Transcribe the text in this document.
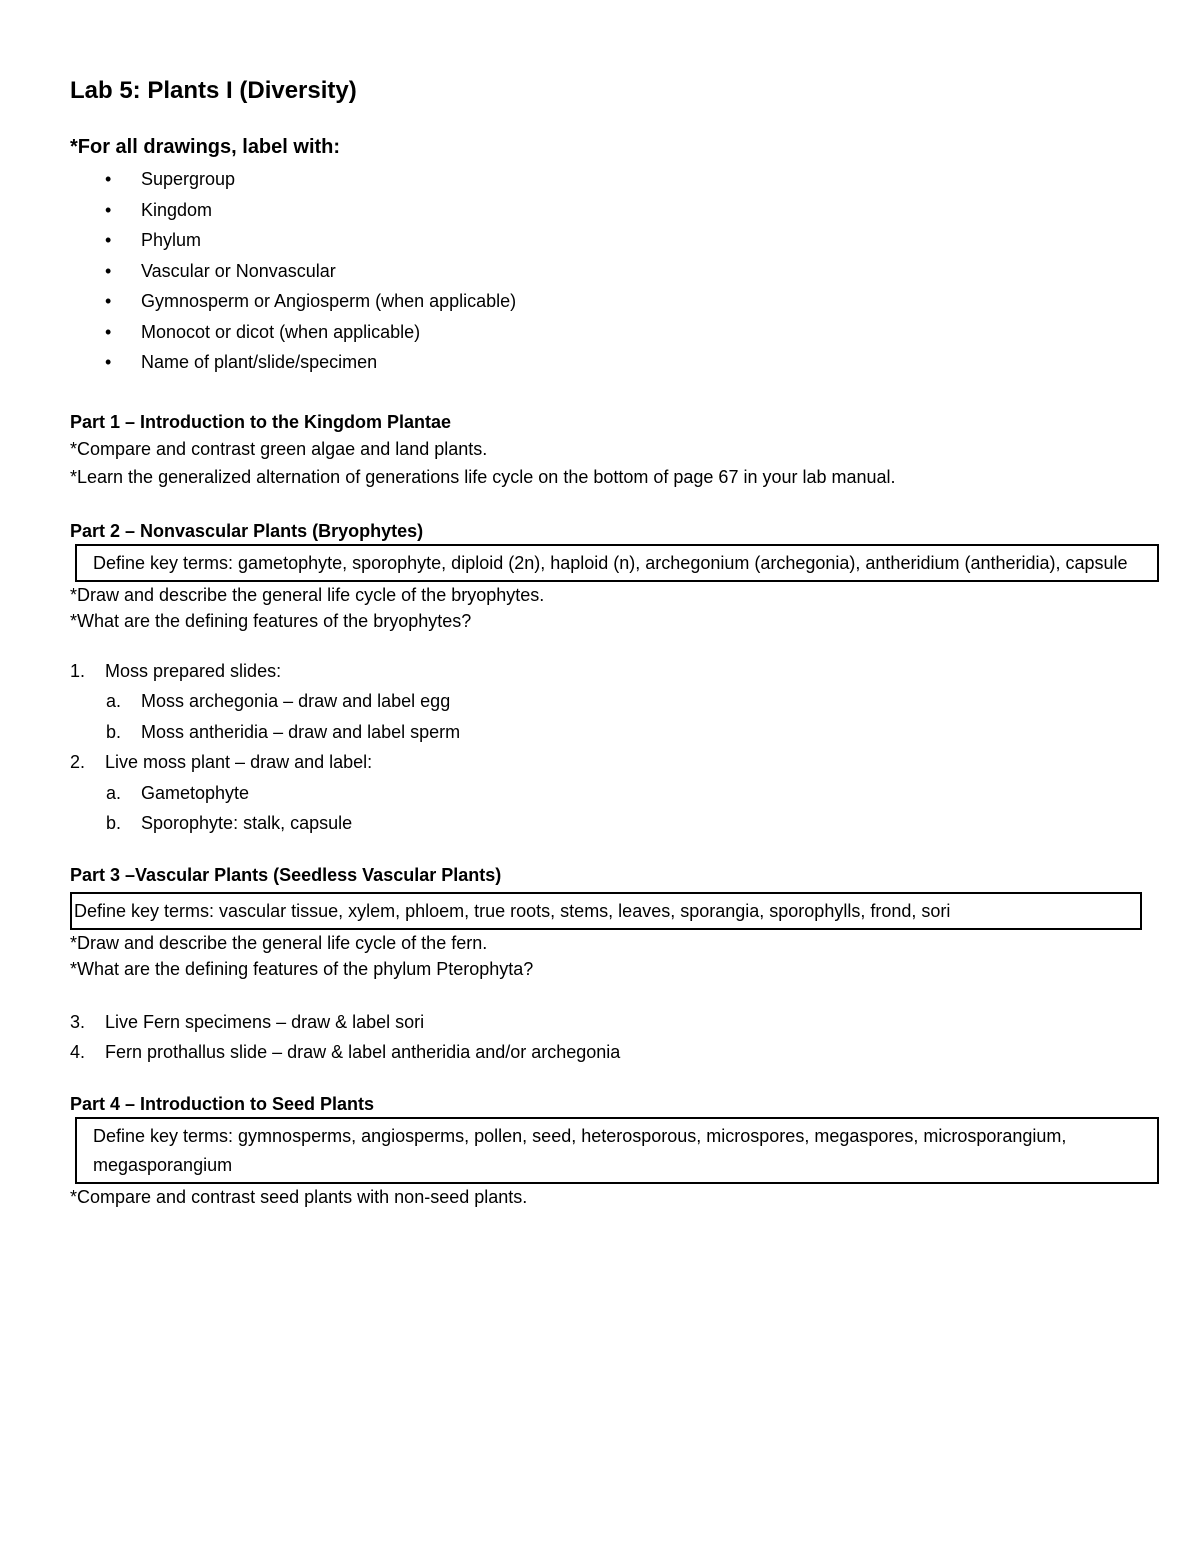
Lab 5: Plants I (Diversity)
*For all drawings, label with:
• Supergroup
• Kingdom
• Phylum
• Vascular or Nonvascular
• Gymnosperm or Angiosperm (when applicable)
• Monocot or dicot (when applicable)
• Name of plant/slide/specimen
Part 1 – Introduction to the Kingdom Plantae
*Compare and contrast green algae and land plants.
*Learn the generalized alternation of generations life cycle on the bottom of page 67 in your lab manual.
Part 2 – Nonvascular Plants (Bryophytes)
Define key terms: gametophyte, sporophyte, diploid (2n), haploid (n), archegonium (archegonia), antheridium (antheridia), capsule
*Draw and describe the general life cycle of the bryophytes.
*What are the defining features of the bryophytes?
1. Moss prepared slides:
a. Moss archegonia – draw and label egg
b. Moss antheridia – draw and label sperm
2. Live moss plant – draw and label:
a. Gametophyte
b. Sporophyte: stalk, capsule
Part 3 –Vascular Plants (Seedless Vascular Plants)
Define key terms: vascular tissue, xylem, phloem, true roots, stems, leaves, sporangia, sporophylls, frond, sori
*Draw and describe the general life cycle of the fern.
*What are the defining features of the phylum Pterophyta?
3. Live Fern specimens – draw & label sori
4. Fern prothallus slide – draw & label antheridia and/or archegonia
Part 4 – Introduction to Seed Plants
Define key terms: gymnosperms, angiosperms, pollen, seed, heterosporous, microspores, megaspores, microsporangium, megasporangium
*Compare and contrast seed plants with non-seed plants.
